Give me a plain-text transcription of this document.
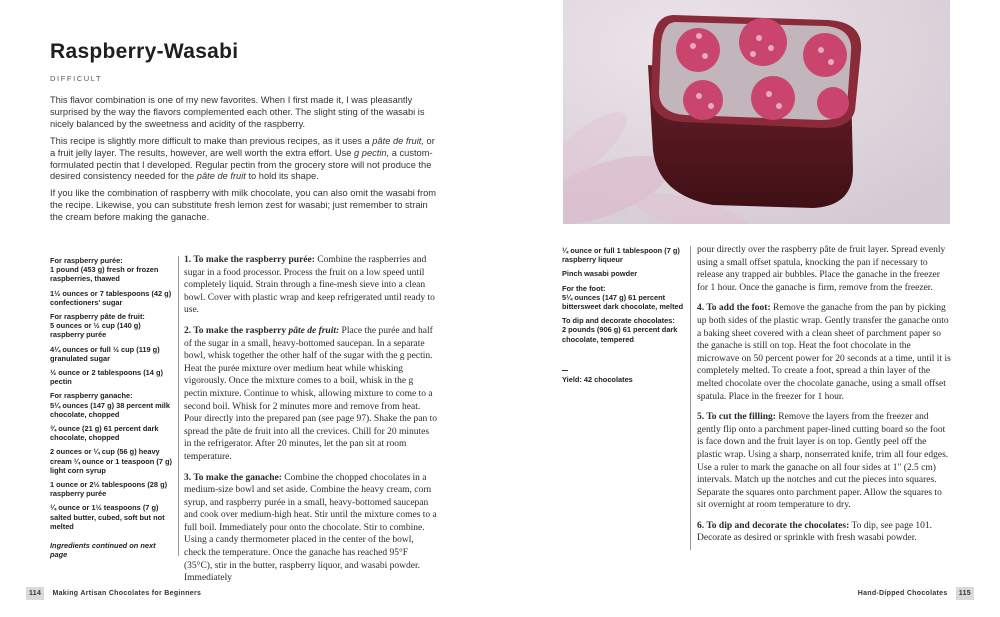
Raspberry-Wasabi
DIFFICULT

This flavor combination is one of my new favorites. When I first made it, I was pleasantly surprised by the way the flavors complemented each other. The slight sting of the wasabi is nicely balanced by the sweetness and acidity of the raspberry.

This recipe is slightly more difficult to make than previous recipes, as it uses a pâte de fruit, or a fruit jelly layer. The results, however, are well worth the extra effort. Use g pectin, a custom-formulated pectin that I developed. Regular pectin from the grocery store will not produce the desired consistency needed for the pâte de fruit to hold its shape.

If you like the combination of raspberry with milk chocolate, you can also omit the wasabi from the recipe. Likewise, you can substitute fresh lemon zest for wasabi; just remember to strain the cream before making the ganache.

For raspberry purée:
1 pound (453 g) fresh or frozen raspberries, thawed
1½ ounces or 7 tablespoons (42 g) confectioners' sugar
For raspberry pâte de fruit:
5 ounces or ½ cup (140 g) raspberry purée
4¼ ounces or full ½ cup (119 g) granulated sugar
½ ounce or 2 tablespoons (14 g) pectin
For raspberry ganache:
5¼ ounces (147 g) 38 percent milk chocolate, chopped
¾ ounce (21 g) 61 percent dark chocolate, chopped
2 ounces or ¼ cup (56 g) heavy cream ¼ ounce or 1 teaspoon (7 g) light corn syrup
1 ounce or 2½ tablespoons (28 g) raspberry purée
¼ ounce or 1½ teaspoons (7 g) salted butter, cubed, soft but not melted
Ingredients continued on next page

1. To make the raspberry purée: Combine the raspberries and sugar in a food processor. Process the fruit on a low speed until completely liquid. Strain through a fine-mesh sieve into a clean bowl. Cover with plastic wrap and keep refrigerated until ready to use.

2. To make the raspberry pâte de fruit: Place the purée and half of the sugar in a small, heavy-bottomed saucepan. In a separate bowl, whisk together the other half of the sugar with the g pectin. Heat the purée mixture over medium heat while whisking vigorously. Once the mixture comes to a boil, whisk in the g pectin mixture. Continue to whisk, allowing mixture to come to a second boil. Whisk for 2 minutes more and remove from heat. Pour directly into the prepared pan (see page 97). Shake the pan to spread the pâte de fruit into all the crevices. Chill for 20 minutes in the refrigerator. After 20 minutes, let the pan sit at room temperature.

3. To make the ganache: Combine the chopped chocolates in a medium-size bowl and set aside. Combine the heavy cream, corn syrup, and raspberry purée in a small, heavy-bottomed saucepan and cook over medium-high heat. Stir until the mixture comes to a full boil. Immediately pour onto the chocolate. Stir to combine. Using a candy thermometer placed in the center of the bowl, check the temperature. Once the ganache has reached 95°F (35°C), stir in the butter, raspberry liquor, and wasabi powder. Immediately

114 Making Artisan Chocolates for Beginners
¼ ounce or full 1 tablespoon (7 g) raspberry liqueur
Pinch wasabi powder
For the foot:
5¼ ounces (147 g) 61 percent bittersweet dark chocolate, melted
To dip and decorate chocolates:
2 pounds (906 g) 61 percent dark chocolate, tempered
Yield: 42 chocolates

pour directly over the raspberry pâte de fruit layer. Spread evenly using a small offset spatula, knocking the pan if necessary to release any trapped air bubbles. Place the ganache in the freezer for 1 hour. Once the ganache is firm, remove from the freezer.

4. To add the foot: Remove the ganache from the pan by picking up both sides of the plastic wrap. Gently transfer the ganache onto a baking sheet covered with a clean sheet of parchment paper so the ganache is still on top. Heat the foot chocolate in the microwave on 50 percent power for 20 seconds at a time, until it is completely melted. To create a foot, spread a thin layer of the melted chocolate over the chocolate ganache, using a small offset spatula. Place in the freezer for 1 hour.

5. To cut the filling: Remove the layers from the freezer and gently flip onto a parchment paper-lined cutting board so the foot is face down and the fruit layer is on top. Gently peel off the plastic wrap. Using a sharp, nonserrated knife, trim all four edges. Use a ruler to mark the ganache on all four sides at 1" (2.5 cm) intervals. Match up the notches and cut the pieces into squares. Separate the squares onto parchment paper. Allow the squares to sit overnight at room temperature to dry.

6. To dip and decorate the chocolates: To dip, see page 101. Decorate as desired or sprinkle with fresh wasabi powder.

Hand-Dipped Chocolates 115
